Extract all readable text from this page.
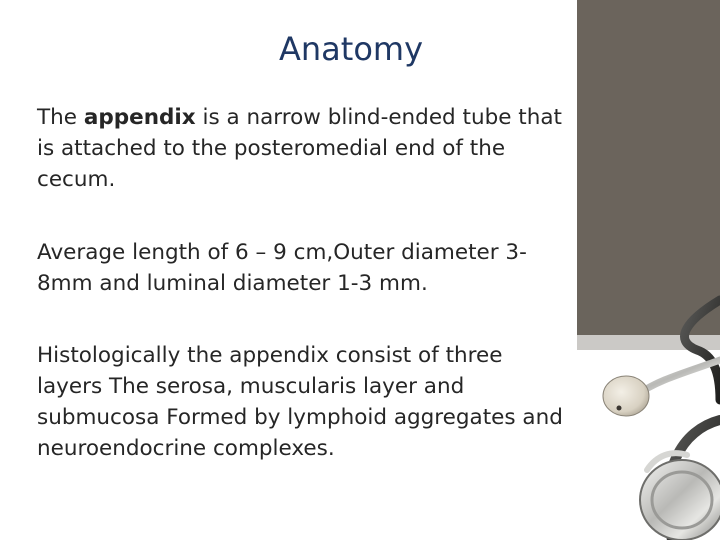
Anatomy
The appendix is a narrow blind-ended tube that is attached to the posteromedial end of the cecum.
Average length of 6 – 9 cm,Outer diameter 3-8mm and luminal diameter 1-3 mm.
Histologically the appendix consist of three layers The serosa, muscularis layer and submucosa Formed by lymphoid aggregates and neuroendocrine complexes.
